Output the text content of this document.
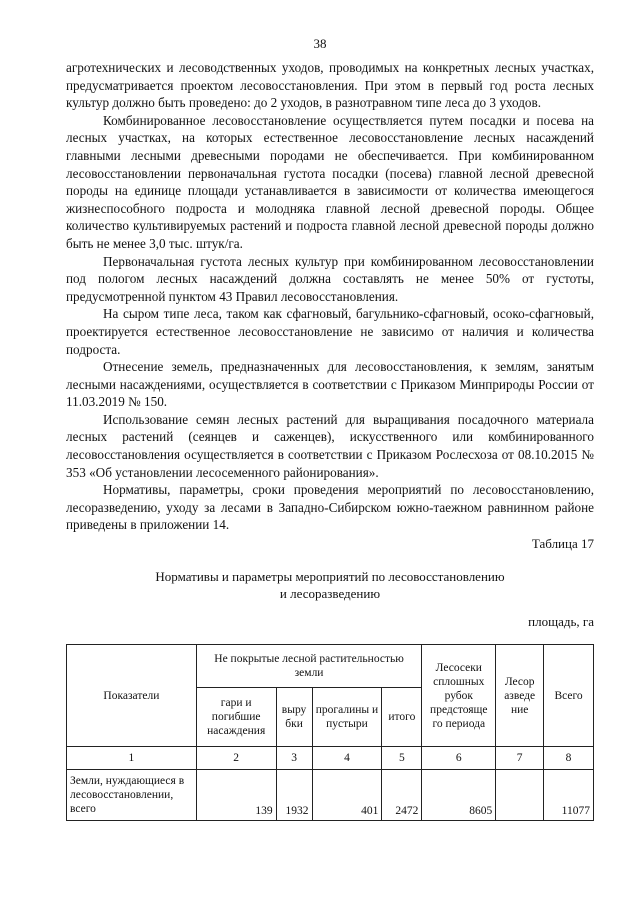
38

агротехнических и лесоводственных уходов, проводимых на конкретных лесных участках, предусматривается проектом лесовосстановления. При этом в первый год роста лесных культур должно быть проведено: до 2 уходов, в разнотравном типе леса до 3 уходов.

Комбинированное лесовосстановление осуществляется путем посадки и посева на лесных участках, на которых естественное лесовосстановление лесных насаждений главными лесными древесными породами не обеспечивается. При комбинированном лесовосстановлении первоначальная густота посадки (посева) главной лесной древесной породы на единице площади устанавливается в зависимости от количества имеющегося жизнеспособного подроста и молодняка главной лесной древесной породы. Общее количество культивируемых растений и подроста главной лесной древесной породы должно быть не менее 3,0 тыс. штук/га.

Первоначальная густота лесных культур при комбинированном лесовосстановлении под пологом лесных насаждений должна составлять не менее 50% от густоты, предусмотренной пунктом 43 Правил лесовосстановления.

На сыром типе леса, таком как сфагновый, багульнико-сфагновый, осоко-сфагновый, проектируется естественное лесовосстановление не зависимо от наличия и количества подроста.

Отнесение земель, предназначенных для лесовосстановления, к землям, занятым лесными насаждениями, осуществляется в соответствии с Приказом Минприроды России от 11.03.2019 № 150.

Использование семян лесных растений для выращивания посадочного материала лесных растений (сеянцев и саженцев), искусственного или комбинированного лесовосстановления осуществляется в соответствии с Приказом Рослесхоза от 08.10.2015 № 353 «Об установлении лесосеменного районирования».

Нормативы, параметры, сроки проведения мероприятий по лесовосстановлению, лесоразведению, уходу за лесами в Западно-Сибирском южно-таежном равнинном районе приведены в приложении 14.

Таблица 17
Нормативы и параметры мероприятий по лесовосстановлению
и лесоразведению
площадь, га
Показатели	Не покрытые лесной растительностью земли				Лесосеки сплошных рубок предстояще го периода	Лесор азведе ние	Всего
	гари и погибшие насаждения	выру бки	прогалины и пустыри	итого			
1	2	3	4	5	6	7	8
Земли, нуждающиеся в лесовосстановлении, всего	139	1932	401	2472	8605		11077
